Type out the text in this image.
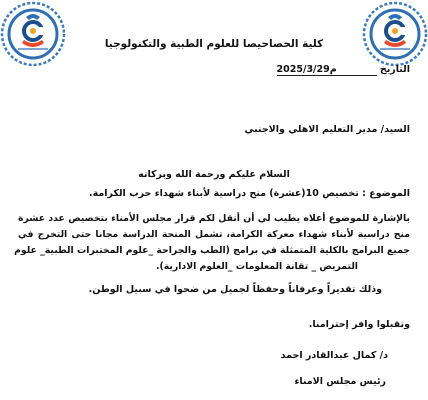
كلية الحصاحيصا للعلوم الطبية والتكنولوجيا
التاريخ 2025/3/29م
السيد/ مدير التعليم الاهلي والاجنبي
السلام عليكم ورحمة الله وبركاته
الموضوع : تخصيص 10(عشرة) منح دراسية لأبناء شهداء حرب الكرامة.
بالإشارة للموضوع أعلاه يطيب لي أن أنقل لكم قرار مجلس الأمناء بتخصيص عدد عشرة
منح دراسية لأبناء شهداء معركة الكرامة، تشمل المنحة الدراسة مجانا حتى التخرج في
جميع البرامج بالكلية المتمثلة في برامج (الطب والجراحة _علوم المختبرات الطبية_ علوم
التمريض _ تقانة المعلومات _العلوم الادارية).
وذلك تقديراً وعرفاناً وحفظاً لجميل من ضحوا في سبيل الوطن.
وتقبلوا وافر إحترامنا.
د/ كمال عبدالقادر احمد
رئيس مجلس الامناء
